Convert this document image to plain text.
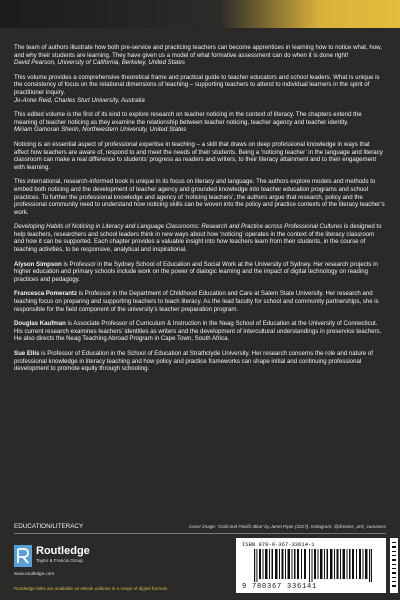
The team of authors illustrate how both pre-service and practicing teachers can become apprentices in learning how to notice what, how, and why their students are learning. They have given us a model of what formative assessment can do when it is done right!
David Pearson, University of California, Berkeley, United States
This volume provides a comprehensive theoretical frame and practical guide to teacher educators and school leaders. What is unique is the consistency of focus on the relational dimensions of teaching – supporting teachers to attend to individual learners in the spirit of practitioner inquiry.
Jo-Anne Reid, Charles Sturt University, Australia
This edited volume is the first of its kind to explore research on teacher noticing in the context of literacy. The chapters extend the meaning of teacher noticing as they examine the relationship between teacher noticing, teacher agency and teacher identity.
Miriam Gamoran Sherin, Northwestern University, United States

Noticing is an essential aspect of professional expertise in teaching – a skill that draws on deep professional knowledge in ways that affect how teachers are aware of, respond to and meet the needs of their students. Being a ‘noticing teacher’ in the language and literacy classroom can make a real difference to students’ progress as readers and writers, to their literacy attainment and to their engagement with learning.

This international, research-informed book is unique in its focus on literacy and language. The authors explore models and methods to embed both noticing and the development of teacher agency and grounded knowledge into teacher education programs and school practices. To further the professional knowledge and agency of ‘noticing teachers’, the authors argue that research, policy and the professional community need to understand how noticing skills can be woven into the policy and practice contexts of the literacy teacher’s work.

Developing Habits of Noticing in Literacy and Language Classrooms: Research and Practice across Professional Cultures is designed to help teachers, researchers and school leaders think in new ways about how ‘noticing’ operates in the context of the literacy classroom and how it can be supported. Each chapter provides a valuable insight into how teachers learn from their students, in the course of teaching activities, to be responsive, analytical and inspirational.

Alyson Simpson is Professor in the Sydney School of Education and Social Work at the University of Sydney. Her research projects in higher education and primary schools include work on the power of dialogic learning and the impact of digital technology on reading practices and pedagogy.

Francesca Pomerantz is Professor in the Department of Childhood Education and Care at Salem State University. Her research and teaching focus on preparing and supporting teachers to teach literacy. As the lead faculty for school and community partnerships, she is responsible for the field component of the university’s teacher preparation program.

Douglas Kaufman is Associate Professor of Curriculum & Instruction in the Neag School of Education at the University of Connecticut. His current research examines teachers’ identities as writers and the development of intercultural understandings in preservice teachers. He also directs the Neag Teaching Abroad Program in Cape Town, South Africa.

Sue Ellis is Professor of Education in the School of Education at Strathclyde University. Her research concerns the role and nature of professional knowledge in literacy teaching and how policy and practice frameworks can shape initial and continuing professional development to promote equity through schooling.

EDUCATION/LITERACY	Cover image: ‘Gold and Pacific Blue’ by Janet Piper (2017). Instagram: @dreams_arts_canvases
Routledge
Taylor & Francis Group
www.routledge.com
ISBN 978-0-367-33614-1
9 780367 336141
Routledge titles are available as eBook editions in a range of digital formats
